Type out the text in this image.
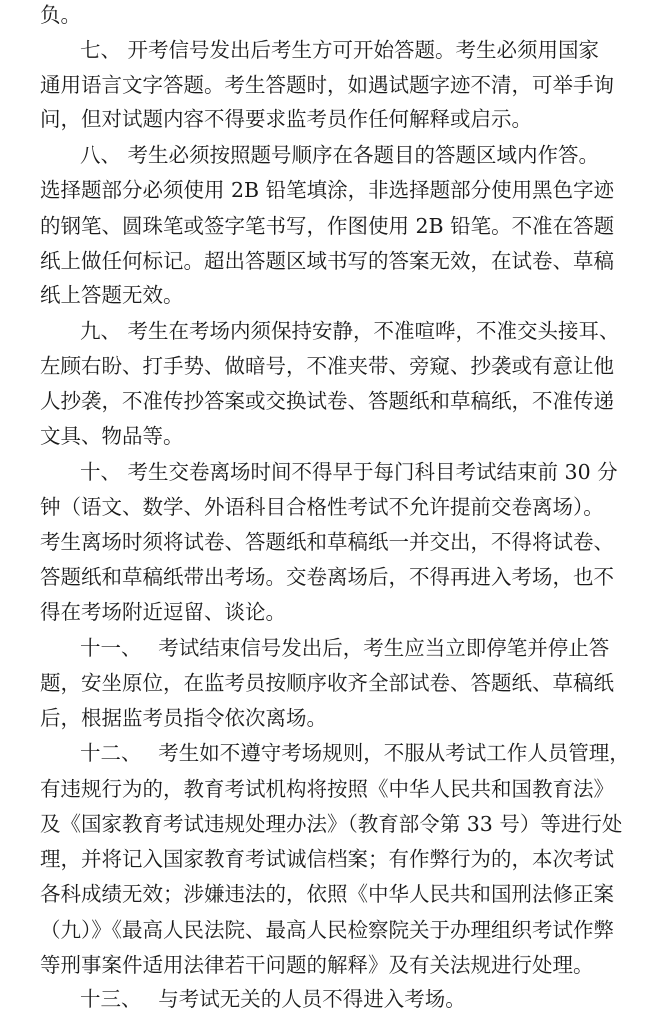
负。
七、 开考信号发出后考生方可开始答题。考生必须用国家
通用语言文字答题。考生答题时，如遇试题字迹不清，可举手询
问，但对试题内容不得要求监考员作任何解释或启示。
八、 考生必须按照题号顺序在各题目的答题区域内作答。
选择题部分必须使用 2B 铅笔填涂，非选择题部分使用黑色字迹
的钢笔、圆珠笔或签字笔书写，作图使用 2B 铅笔。不准在答题
纸上做任何标记。超出答题区域书写的答案无效，在试卷、草稿
纸上答题无效。
九、 考生在考场内须保持安静，不准喧哗，不准交头接耳、
左顾右盼、打手势、做暗号，不准夹带、旁窥、抄袭或有意让他
人抄袭，不准传抄答案或交换试卷、答题纸和草稿纸，不准传递
文具、物品等。
十、 考生交卷离场时间不得早于每门科目考试结束前 30 分
钟（语文、数学、外语科目合格性考试不允许提前交卷离场）。
考生离场时须将试卷、答题纸和草稿纸一并交出，不得将试卷、
答题纸和草稿纸带出考场。交卷离场后，不得再进入考场，也不
得在考场附近逗留、谈论。
十一、　 考试结束信号发出后，考生应当立即停笔并停止答
题，安坐原位，在监考员按顺序收齐全部试卷、答题纸、草稿纸
后，根据监考员指令依次离场。
十二、　 考生如不遵守考场规则，不服从考试工作人员管理，
有违规行为的，教育考试机构将按照《中华人民共和国教育法》
及《国家教育考试违规处理办法》（教育部令第 33 号）等进行处
理，并将记入国家教育考试诚信档案；有作弊行为的，本次考试
各科成绩无效；涉嫌违法的，依照《中华人民共和国刑法修正案
（九）》《最高人民法院、最高人民检察院关于办理组织考试作弊
等刑事案件适用法律若干问题的解释》及有关法规进行处理。
十三、　 与考试无关的人员不得进入考场。
